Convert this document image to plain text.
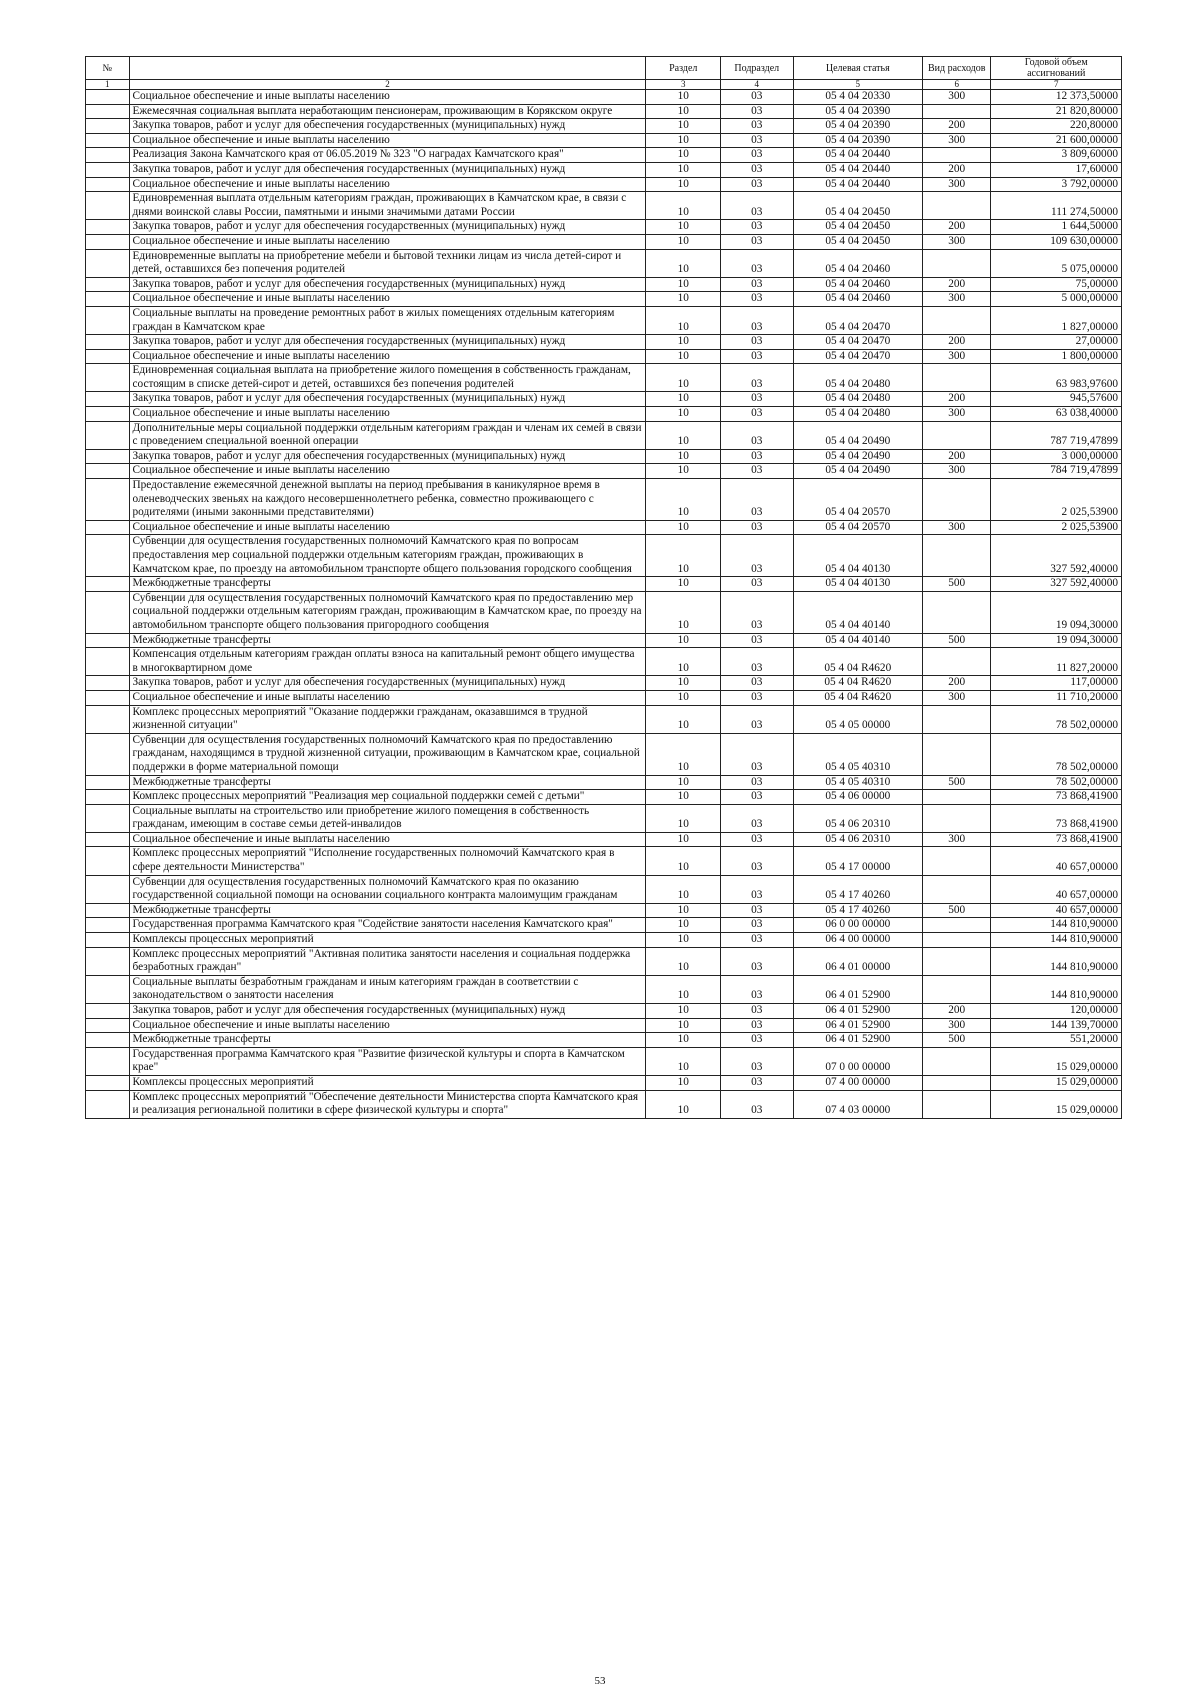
№		Раздел	Подраздел	Целевая статья	Вид расходов	Годовой объем ассигнований
1	2	3	4	5	6	7
	Социальное обеспечение и иные выплаты населению	10	03	05 4 04 20330	300	12 373,50000
	Ежемесячная социальная выплата неработающим пенсионерам, проживающим в Корякском округе	10	03	05 4 04 20390		21 820,80000
	Закупка товаров, работ и услуг для обеспечения государственных (муниципальных) нужд	10	03	05 4 04 20390	200	220,80000
	Социальное обеспечение и иные выплаты населению	10	03	05 4 04 20390	300	21 600,00000
	Реализация Закона Камчатского края от 06.05.2019 № 323 "О наградах Камчатского края"	10	03	05 4 04 20440		3 809,60000
	Закупка товаров, работ и услуг для обеспечения государственных (муниципальных) нужд	10	03	05 4 04 20440	200	17,60000
	Социальное обеспечение и иные выплаты населению	10	03	05 4 04 20440	300	3 792,00000
	Единовременная выплата отдельным категориям граждан, проживающих в Камчатском крае, в связи с днями воинской славы России, памятными и иными значимыми датами России	10	03	05 4 04 20450		111 274,50000
	Закупка товаров, работ и услуг для обеспечения государственных (муниципальных) нужд	10	03	05 4 04 20450	200	1 644,50000
	Социальное обеспечение и иные выплаты населению	10	03	05 4 04 20450	300	109 630,00000
	Единовременные выплаты на приобретение мебели и бытовой техники лицам из числа детей-сирот и детей, оставшихся без попечения родителей	10	03	05 4 04 20460		5 075,00000
	Закупка товаров, работ и услуг для обеспечения государственных (муниципальных) нужд	10	03	05 4 04 20460	200	75,00000
	Социальное обеспечение и иные выплаты населению	10	03	05 4 04 20460	300	5 000,00000
	Социальные выплаты на проведение ремонтных работ в жилых помещениях отдельным категориям граждан в Камчатском крае	10	03	05 4 04 20470		1 827,00000
	Закупка товаров, работ и услуг для обеспечения государственных (муниципальных) нужд	10	03	05 4 04 20470	200	27,00000
	Социальное обеспечение и иные выплаты населению	10	03	05 4 04 20470	300	1 800,00000
	Единовременная социальная выплата на приобретение жилого помещения в собственность гражданам, состоящим в списке детей-сирот и детей, оставшихся без попечения родителей	10	03	05 4 04 20480		63 983,97600
	Закупка товаров, работ и услуг для обеспечения государственных (муниципальных) нужд	10	03	05 4 04 20480	200	945,57600
	Социальное обеспечение и иные выплаты населению	10	03	05 4 04 20480	300	63 038,40000
	Дополнительные меры социальной поддержки отдельным категориям граждан и членам их семей в связи с проведением специальной военной операции	10	03	05 4 04 20490		787 719,47899
	Закупка товаров, работ и услуг для обеспечения государственных (муниципальных) нужд	10	03	05 4 04 20490	200	3 000,00000
	Социальное обеспечение и иные выплаты населению	10	03	05 4 04 20490	300	784 719,47899
	Предоставление ежемесячной денежной выплаты на период пребывания в каникулярное время в оленеводческих звеньях на каждого несовершеннолетнего ребенка, совместно проживающего с родителями (иными законными представителями)	10	03	05 4 04 20570		2 025,53900
	Социальное обеспечение и иные выплаты населению	10	03	05 4 04 20570	300	2 025,53900
	Субвенции для осуществления государственных полномочий Камчатского края по вопросам предоставления мер социальной поддержки отдельным категориям граждан, проживающих в Камчатском крае, по проезду на автомобильном транспорте общего пользования городского сообщения	10	03	05 4 04 40130		327 592,40000
	Межбюджетные трансферты	10	03	05 4 04 40130	500	327 592,40000
	Субвенции для осуществления государственных полномочий Камчатского края по предоставлению мер социальной поддержки отдельным категориям граждан, проживающим в Камчатском крае, по проезду на автомобильном транспорте общего пользования пригородного сообщения	10	03	05 4 04 40140		19 094,30000
	Межбюджетные трансферты	10	03	05 4 04 40140	500	19 094,30000
	Компенсация отдельным категориям граждан оплаты взноса на капитальный ремонт общего имущества в многоквартирном доме	10	03	05 4 04 R4620		11 827,20000
	Закупка товаров, работ и услуг для обеспечения государственных (муниципальных) нужд	10	03	05 4 04 R4620	200	117,00000
	Социальное обеспечение и иные выплаты населению	10	03	05 4 04 R4620	300	11 710,20000
	Комплекс процессных мероприятий "Оказание поддержки гражданам, оказавшимся в трудной жизненной ситуации"	10	03	05 4 05 00000		78 502,00000
	Субвенции для осуществления государственных полномочий Камчатского края по предоставлению гражданам, находящимся в трудной жизненной ситуации, проживающим в Камчатском крае, социальной поддержки в форме материальной помощи	10	03	05 4 05 40310		78 502,00000
	Межбюджетные трансферты	10	03	05 4 05 40310	500	78 502,00000
	Комплекс процессных мероприятий "Реализация мер социальной поддержки семей с детьми"	10	03	05 4 06 00000		73 868,41900
	Социальные выплаты на строительство или приобретение жилого помещения в собственность гражданам, имеющим в составе семьи детей-инвалидов	10	03	05 4 06 20310		73 868,41900
	Социальное обеспечение и иные выплаты населению	10	03	05 4 06 20310	300	73 868,41900
	Комплекс процессных мероприятий "Исполнение государственных полномочий Камчатского края в сфере деятельности Министерства"	10	03	05 4 17 00000		40 657,00000
	Субвенции для осуществления государственных полномочий Камчатского края по оказанию государственной социальной помощи на основании социального контракта малоимущим гражданам	10	03	05 4 17 40260		40 657,00000
	Межбюджетные трансферты	10	03	05 4 17 40260	500	40 657,00000
	Государственная программа Камчатского края "Содействие занятости населения Камчатского края"	10	03	06 0 00 00000		144 810,90000
	Комплексы процессных мероприятий	10	03	06 4 00 00000		144 810,90000
	Комплекс процессных мероприятий "Активная политика занятости населения и социальная поддержка безработных граждан"	10	03	06 4 01 00000		144 810,90000
	Социальные выплаты безработным гражданам и иным категориям граждан в соответствии с законодательством о занятости населения	10	03	06 4 01 52900		144 810,90000
	Закупка товаров, работ и услуг для обеспечения государственных (муниципальных) нужд	10	03	06 4 01 52900	200	120,00000
	Социальное обеспечение и иные выплаты населению	10	03	06 4 01 52900	300	144 139,70000
	Межбюджетные трансферты	10	03	06 4 01 52900	500	551,20000
	Государственная программа Камчатского края "Развитие физической культуры и спорта в Камчатском крае"	10	03	07 0 00 00000		15 029,00000
	Комплексы процессных мероприятий	10	03	07 4 00 00000		15 029,00000
	Комплекс процессных мероприятий "Обеспечение деятельности Министерства спорта Камчатского края и реализация региональной политики в сфере физической культуры и спорта"	10	03	07 4 03 00000		15 029,00000
53
